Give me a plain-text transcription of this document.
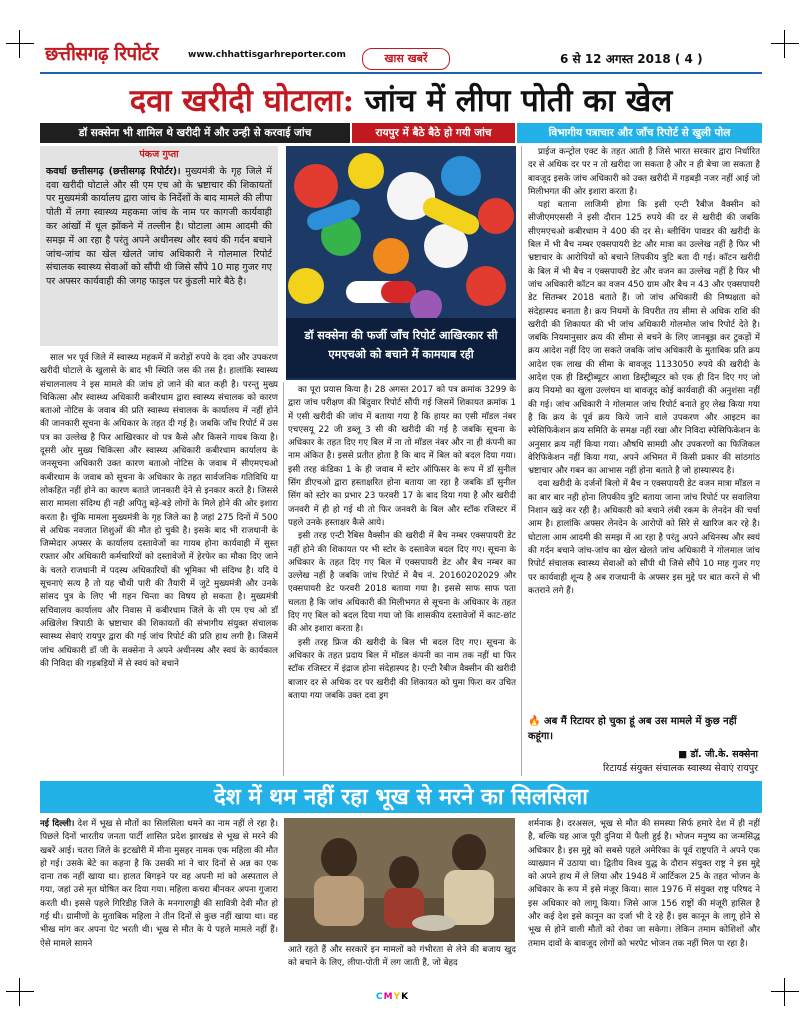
छत्तीसगढ़ रिपोर्टर	www.chhattisgarhreporter.com	खास खबरें	6 से 12 अगस्त 2018 ( 4 )
दवा खरीदी घोटाला: जांच में लीपा पोती का खेल
डॉ सक्सेना भी शामिल थे खरीदी में और उन्ही से करवाई जांच	रायपुर में बैठे बैठे हो गयी जांच	विभागीय पत्राचार और जाँच रिपोर्ट से खुली पोल
पंकज गुप्ता

कवर्धा छत्तीसगढ़ (छत्तीसगढ़ रिपोर्टर)। मुख्यमंत्री के गृह जिले में दवा खरीदी घोटाले और सी एम एच ओ के भ्रष्टाचार की शिकायतों पर मुख्यमंत्री कार्यालय द्वारा जांच के निर्देशों के बाद मामले की लीपा पोती में लगा स्वास्थ्य महकमा जांच के नाम पर कागजी कार्यवाही कर आंखों में धूल झोंकने में तल्लीन है। घोटाला आम आदमी की समझ में आ रहा है परंतु अपने अधीनस्थ और स्वयं की गर्दन बचाने जांच-जांच का खेल खेलते जांच अधिकारी ने गोलमाल रिपोर्ट संचालक स्वास्थ्य सेवाओं को सौंपी थी जिसे सौंपे 10 माह गुजर गए पर अफ्सर कार्यवाही की जगह फाइल पर कुंडली मारे बैठे है।

डॉ सक्सेना की फर्जी जाँच रिपोर्ट आखिरकार सी एमएचओ को बचाने में कामयाब रही

साल भर पूर्व जिले में स्वास्थ्य महकमें में करोड़ों रुपये के दवा और उपकरण खरीदी घोटाले के खुलासे के बाद भी स्थिति जस की तस है। हालांकि स्वास्थ्य संचालनालय ने इस मामले की जांच हो जाने की बात कही है। परन्तु मुख्य चिकित्सा और स्वास्थ्य अधिकारी कबीरधाम द्वारा स्वास्थ्य संचालक को कारण बताओ नोटिस के जवाब की प्रति स्वास्थ्य संचालक के कार्यालय में नहीं होने की जानकारी सूचना के अधिकार के तहत दी गई है। जबकि जाँच रिपोर्ट में उस पत्र का उल्लेख है फिर आखिरकार वो पत्र कैसे और किसने गायब किया है। दूसरी ओर मुख्य चिकित्सा और स्वास्थ्य अधिकारी कबीरधाम कार्यालय के जनसूचना अधिकारी उक्त कारण बताओ नोटिस के जवाब में सीएमएचओ कबीरधाम के जवाब को सूचना के अधिकार के तहत सार्वजनिक गतिविधि या लोकहित नहीं होने का कारण बताते जानकारी देने से इनकार करते है। जिससे सारा मामला संदिग्ध ही नही अपितु बड़े-बड़े लोगों के मिले होने की ओर इशारा करता है। चूंकि मामला मुख्यमंत्री के गृह जिले का है जहां 275 दिनों में 500 से अधिक नवजात शिशुओं की मौत हो चुकी है। इसके बाद भी राजधानी के जिम्मेदार अफ्सर के कार्यालय दस्तावेजों का गायब होना कार्यवाही में सुस्त रफ्तार और अधिकारी कर्मचारियों को दस्तावेजों में हेरफेर का मौका दिए जाने के चलते राजधानी में पदस्थ अधिकारियों की भूमिका भी संदिग्ध है। यदि ये सूचनाएं सत्य है तो यह चौथी पारी की तैयारी में जुटे मुख्यमंत्री और उनके सांसद पुत्र के लिए भी गहन चिन्ता का विषय हो सकता है। मुख्यमंत्री सचिवालय कार्यालय और निवास में कबीरधाम जिले के सी एम एच ओ डॉ अखिलेश त्रिपाठी के भ्रष्टाचार की शिकायतों की संभागीय संयुक्त संचालक स्वास्थ्य सेवाएं रायपुर द्वारा की गई जांच रिपोर्ट की प्रति हाथ लगी है। जिसमें जांच अधिकारी डॉ जी के सक्सेना ने अपने अधीनस्थ और स्वयं के कार्यकाल की निविदा की गड़बड़ियों में से स्वयं को बचाने

का पूरा प्रयास किया है। 28 अगस्त 2017 को पत्र क्रमांक 3299 के द्वारा जांच परीक्षण की बिंदुवार रिपोर्ट सौंपी गई जिसमें शिकायत क्रमांक 1 में एसी खरीदी की जांच में बताया गया है कि हायर का एसी मॉडल नंबर एचएसयू 22 जी डब्लू 3 सी की खरीदी की गई है जबकि सूचना के अधिकार के तहत दिए गए बिल में ना तो मॉडल नंबर और ना ही कंपनी का नाम अंकित है। इससे प्रतीत होता है कि बाद में बिल को बदल दिया गया। इसी तरह कंडिका 1 के ही जवाब में स्टोर ऑफिसर के रूप में डॉ सुनील सिंग डीएचओ द्वारा हस्ताक्षरित होना बताया जा रहा है जबकि डॉ सुनील सिंग को स्टोर का प्रभार 23 फरवरी 17 के बाद दिया गया है और खरीदी जनवरी में ही हो गई थी तो फिर जनवरी के बिल और स्टॉक रजिस्टर में पहले उनके हस्ताक्षर कैसे आये।

इसी तरह एन्टी रैबिस वैक्सीन की खरीदी में बैच नम्बर एक्सपायरी डेट नहीं होने की शिकायत पर भी स्टोर के दस्तावेज बदल दिए गए। सूचना के अधिकार के तहत दिए गए बिल में एक्सपायरी डेट और बैच नम्बर का उल्लेख नहीं है जबकि जांच रिपोर्ट में बैच नं. 20160202029 और एक्सपायरी डेट फरवरी 2018 बताया गया है। इससे साफ साफ पता चलता है कि जांच अधिकारी की मिलीभगत से सूचना के अधिकार के तहत दिए गए बिल को बदल दिया गया जो कि शासकीय दस्तावेजों में काट-छांट की ओर इशारा करता है।

इसी तरह फ्रिज की खरीदी के बिल भी बदल दिए गए। सूचना के अधिकार के तहत प्रदाय बिल में मॉडल कंपनी का नाम तक नहीं था फिर स्टॉक रजिस्टर में इंद्राज होना संदेहास्पद है। एन्टी रैबीज वैक्सीन की खरीदी बाजार दर से अधिक दर पर खरीदी की शिकायत को घुमा फिरा कर उचित बताया गया जबकि उक्त दवा ड्रग

प्राईज कन्ट्रोल एक्ट के तहत आती है जिसे भारत सरकार द्वारा निर्धारित दर से अधिक दर पर न तो खरीदा जा सकता है और न ही बेचा जा सकता है बावजूद इसके जांच अधिकारी को उक्त खरीदी में गड़बड़ी नजर नहीं आई जो मिलीभगत की ओर इशारा करता है।

यहां बताना लाजिमी होगा कि इसी एन्टी रैबीज वैक्सीन को सीजीएमएससी ने इसी दौरान 125 रुपये की दर से खरीदी की जबकि सीएमएचओ कबीरधाम ने 400 की दर से। ब्लीचिंग पावडर की खरीदी के बिल में भी बैच नम्बर एक्सपायरी डेट और मात्रा का उल्लेख नहीं है फिर भी भ्रष्टाचार के आरोपियों को बचाने लिपकीय त्रुटि बता दी गई। कॉटन खरीदी के बिल में भी बैच न एक्सपायरी डेट और वजन का उल्लेख नहीं है फिर भी जांच अधिकारी कॉटन का वजन 450 ग्राम और बैच न 43 और एक्सपायरी डेट सितम्बर 2018 बताते हैं। जो जांच अधिकारी की निष्पक्षता को संदेहास्पद बनाता है। क्रय नियमों के विपरीत तय सीमा से अधिक राशि की खरीदी की शिकायत की भी जांच अधिकारी गोलमोल जांच रिपोर्ट देते है। जबकि नियमानुसार क्रय की सीमा से बचने के लिए जानबूझ कर टुकड़ों में क्रय आदेश नहीं दिए जा सकते जबकि जांच अधिकारी के मुताबिक प्रति क्रय आदेश एक लाख की सीमा के बावजूद 1133050 रुपये की खरीदी के आदेश एक ही डिस्ट्रीब्यूटर आशा डिस्ट्रीब्यूटर को एक ही दिन दिए गए जो क्रय नियमो का खुला उल्लंघन था बावजूद कोई कार्यवाही की अनुशंसा नहीं की गई। जांच अधिकारी ने गोलमाल जांच रिपोर्ट बनाते हुए लेख किया गया है कि क्रय के पूर्व क्रय किये जाने वाले उपकरण और आइटम का स्पेसिफिकेशन क्रय समिति के समक्ष नहीं रखा और निविदा स्पेसिफिकेशन के अनुसार क्रय नहीं किया गया। औषधि सामग्री और उपकरणों का फिजिकल वेरिफिकेशन नहीं किया गया, अपने अभिमत में किसी प्रकार की सांठगांठ भ्रष्टाचार और गबन का आभास नहीं होना बताते है जो हास्यास्पद है।

दवा खरीदी के दर्जनों बिलो में बैच न एक्सपायरी डेट वजन मात्रा मॉडल न का बार बार नही होना लिपकीय त्रुटि बताया जाना जांच रिपोर्ट पर सवालिया निशान खड़े कर रही है। अधिकारी को बचाने लंबी रकम के लेनदेन की चर्चा आम है। हालांकि अफ्सर लेनदेन के आरोपों को सिरे से खारिज कर रहे है। घोटाला आम आदमी की समझ में आ रहा है परंतु अपने अधिनस्थ और स्वयं की गर्दन बचाने जांच-जांच का खेल खेलते जांच अधिकारी ने गोलमाल जांच रिपोर्ट संचालक स्वास्थ्य सेवाओं को सौंपी थी जिसे सौंपे 10 माह गुजर गए पर कार्यवाही शून्य है अब राजधानी के अफ्सर इस मुद्दे पर बात करने से भी कतराने लगे हैं।

🔥 अब मैं रिटायर हो चुका हूं अब उस मामले में कुछ नहीं कहूंगा।
■ डॉ. जी.के. सक्सेना
रिटायर्ड संयुक्त संचालक स्वास्थ्य सेवाएं रायपुर
देश में थम नहीं रहा भूख से मरने का सिलसिला

नई दिल्ली। देश में भूख से मौतों का सिलसिला थमने का नाम नहीं ले रहा है। पिछले दिनों भारतीय जनता पार्टी शासित प्रदेश झारखंड से भूख से मरने की खबरें आई। चतरा जिले के इटखोरी में मीना मुसहर नामक एक महिला की मौत हो गई। उसके बेटे का कहना है कि उसकी मां ने चार दिनों से अन्न का एक दाना तक नहीं खाया था। हालत बिगड़ने पर वह अपनी मां को अस्पताल ले गया, जहां उसे मृत घोषित कर दिया गया। महिला कचरा बीनकर अपना गुजारा करती थी। इससे पहले गिरिडीह जिले के मनगारगड्डी की सावित्री देवी मौत हो गई थी। ग्रामीणों के मुताबिक महिला ने तीन दिनों से कुछ नहीं खाया था। वह भीख मांग कर अपना पेट भरती थी। भूख से मौत के ये पहले मामले नहीं हैं। ऐसे मामले सामने

आते रहते हैं और सरकारें इन मामलों को गंभीरता से लेने की बजाय खुद को बचाने के लिए, लीपा-पोती में लग जाती हैं, जो बेहद

शर्मनाक है। दरअसल, भूख से मौत की समस्या सिर्फ हमारे देश में ही नहीं है, बल्कि यह आज पूरी दुनिया में फैली हुई है। भोजन मनुष्य का जन्मसिद्ध अधिकार है। इस मुद्दे को सबसे पहले अमेरिका के पूर्व राष्ट्रपति ने अपने एक व्याख्यान में उठाया था। द्वितीय विश्व युद्ध के दौरान संयुक्त राष्ट्र ने इस मुद्दे को अपने हाथ में ले लिया और 1948 में आर्टिकल 25 के तहत भोजन के अधिकार के रूप में इसे मंजूर किया। साल 1976 में संयुक्त राष्ट्र परिषद ने इस अधिकार को लागू किया। जिसे आज 156 राष्ट्रों की मंजूरी हासिल है और कई देश इसे कानून का दर्जा भी दे रहे हैं। इस कानून के लागू होने से भूख से होने वाली मौतों को रोका जा सकेगा। लेकिन तमाम कोशिशों और तमाम दावों के बावजूद लोगों को भरपेट भोजन तक नहीं मिल पा रहा है।

CMYK
